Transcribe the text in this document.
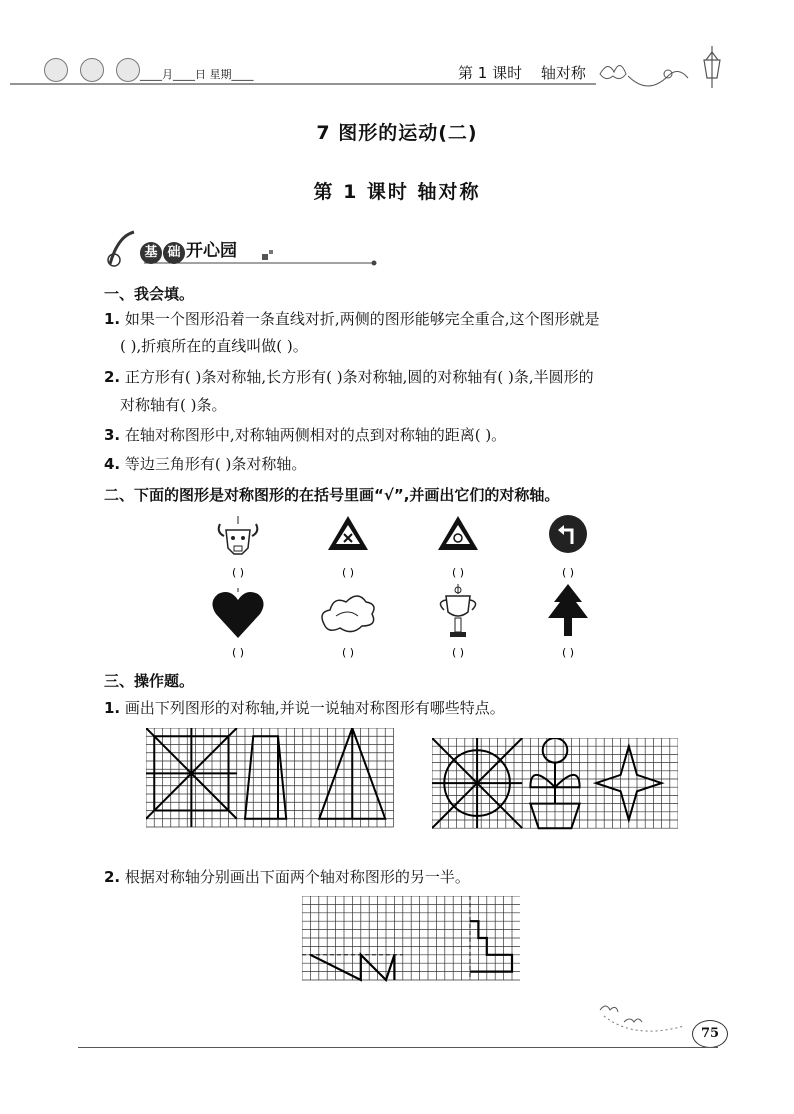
____月____日 星期____	第 1 课时 轴对称
7 图形的运动(二)
第 1 课时 轴对称
基 础 开心园
一、我会填。
1. 如果一个图形沿着一条直线对折,两侧的图形能够完全重合,这个图形就是
( ),折痕所在的直线叫做( )。
2. 正方形有( )条对称轴,长方形有( )条对称轴,圆的对称轴有( )条,半圆形的
对称轴有( )条。
3. 在轴对称图形中,对称轴两侧相对的点到对称轴的距离( )。
4. 等边三角形有( )条对称轴。
二、下面的图形是对称图形的在括号里画“√”,并画出它们的对称轴。
( )	( )	( )	( )
( )	( )	( )	( )
三、操作题。
1. 画出下列图形的对称轴,并说一说轴对称图形有哪些特点。
2. 根据对称轴分别画出下面两个轴对称图形的另一半。
75
